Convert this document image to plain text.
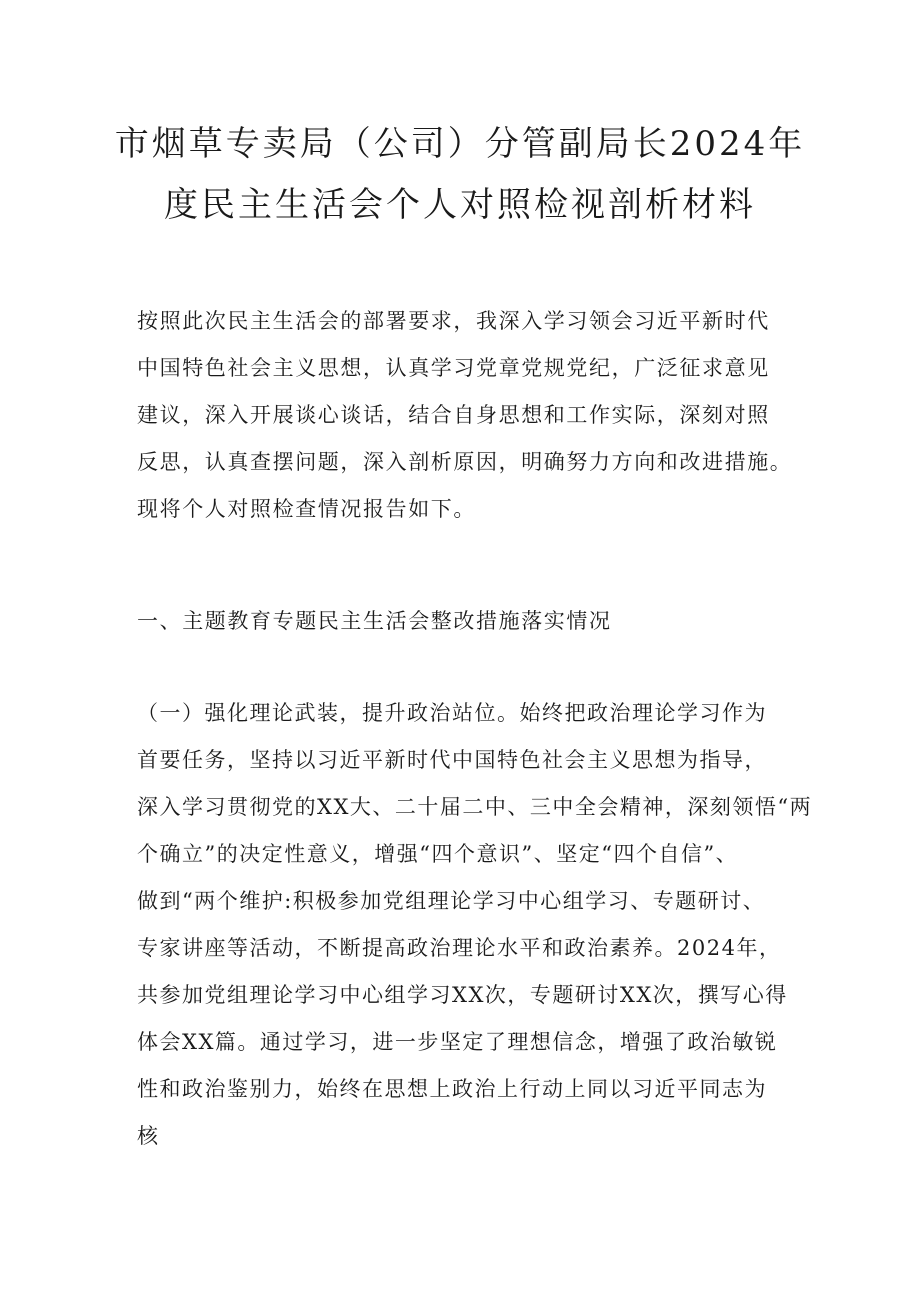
市烟草专卖局（公司）分管副局长2024年
度民主生活会个人对照检视剖析材料
按照此次民主生活会的部署要求，我深入学习领会习近平新时代
中国特色社会主义思想，认真学习党章党规党纪，广泛征求意见
建议，深入开展谈心谈话，结合自身思想和工作实际，深刻对照
反思，认真查摆问题，深入剖析原因，明确努力方向和改进措施。
现将个人对照检查情况报告如下。
一、主题教育专题民主生活会整改措施落实情况
（一）强化理论武装，提升政治站位。始终把政治理论学习作为
首要任务，坚持以习近平新时代中国特色社会主义思想为指导，
深入学习贯彻党的XX大、二十届二中、三中全会精神，深刻领悟“两
个确立”的决定性意义，增强“四个意识”、坚定“四个自信”、
做到“两个维护:积极参加党组理论学习中心组学习、专题研讨、
专家讲座等活动，不断提高政治理论水平和政治素养。2024年，
共参加党组理论学习中心组学习XX次，专题研讨XX次，撰写心得
体会XX篇。通过学习，进一步坚定了理想信念，增强了政治敏锐
性和政治鉴别力，始终在思想上政治上行动上同以习近平同志为
核
